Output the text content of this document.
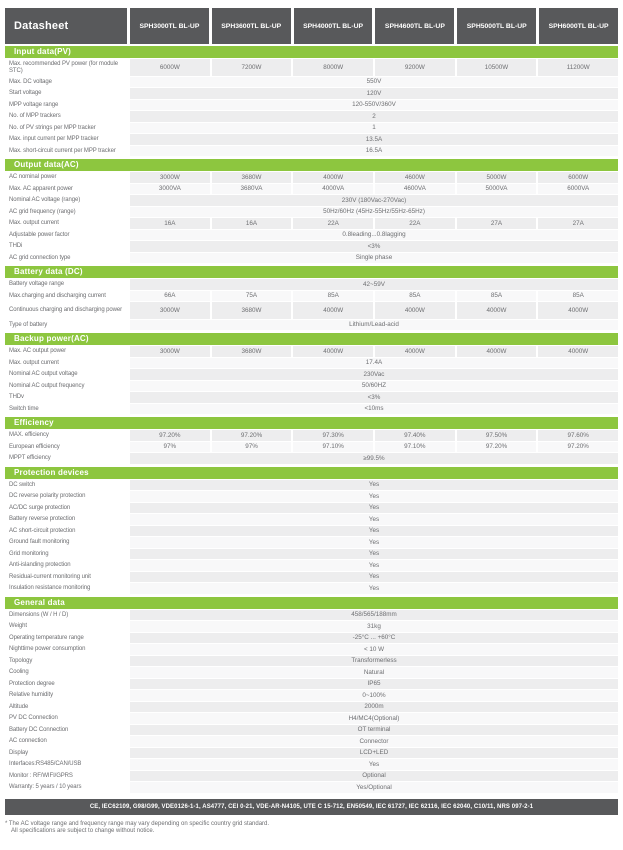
Datasheet	SPH3000TL BL-UP	SPH3600TL BL-UP	SPH4000TL BL-UP	SPH4600TL BL-UP	SPH5000TL BL-UP	SPH6000TL BL-UP
Input data(PV)
Max. recommended PV power (for module STC)	6000W	7200W	8000W	9200W	10500W	11200W
Max. DC voltage	550V
Start voltage	120V
MPP voltage range	120-550V/360V
No. of MPP trackers	2
No. of PV strings per MPP tracker	1
Max. input current per MPP tracker	13.5A
Max. short-circuit current per MPP tracker	16.5A
Output data(AC)
AC nominal power	3000W	3680W	4000W	4600W	5000W	6000W
Max. AC apparent power	3000VA	3680VA	4000VA	4600VA	5000VA	6000VA
Nominal AC voltage (range)	230V (180Vac-270Vac)
AC grid frequency (range)	50Hz/60Hz (45Hz-55Hz/55Hz-65Hz)
Max. output current	16A	16A	22A	22A	27A	27A
Adjustable power factor	0.8leading...0.8lagging
THDi	<3%
AC grid connection type	Single phase
Battery data (DC)
Battery voltage range	42~59V
Max.charging and discharging current	66A	75A	85A	85A	85A	85A
Continuous charging and discharging power	3000W	3680W	4000W	4000W	4000W	4000W
Type of battery	Lithium/Lead-acid
Backup power(AC)
Max. AC output power	3000W	3680W	4000W	4000W	4000W	4000W
Max. output current	17.4A
Nominal AC output voltage	230Vac
Nominal AC output frequency	50/60HZ
THDv	<3%
Switch time	<10ms
Efficiency
MAX. efficiency	97.20%	97.20%	97.30%	97.40%	97.50%	97.60%
European efficiency	97%	97%	97.10%	97.10%	97.20%	97.20%
MPPT efficiency	≥99.5%
Protection devices
DC switch	Yes
DC reverse polarity protection	Yes
AC/DC surge protection	Yes
Battery reverse protection	Yes
AC short-circuit protection	Yes
Ground fault monitoring	Yes
Grid monitoring	Yes
Anti-islanding protection	Yes
Residual-current monitoring unit	Yes
Insulation resistance monitoring	Yes
General data
Dimensions (W / H / D)	458/565/188mm
Weight	31kg
Operating temperature range	-25°C ... +60°C
Nighttime power consumption	< 10 W
Topology	Transformerless
Cooling	Natural
Protection degree	IP65
Relative humidity	0~100%
Altitude	2000m
PV DC Connection	H4/MC4(Optional)
Battery DC Connection	OT terminal
AC connection	Connector
Display	LCD+LED
Interfaces:RS485/CAN/USB	Yes
Monitor : RF/WIFI/GPRS	Optional
Warranty: 5 years / 10 years	Yes/Optional
CE, IEC62109, G98/G99, VDE0126-1-1, AS4777, CEI 0-21, VDE-AR-N4105, UTE C 15-712, EN50549, IEC 61727, IEC 62116, IEC 62040, C10/11, NRS 097-2-1
* The AC voltage range and frequency range may vary depending on specific country grid standard.
All specifications are subject to change without notice.
